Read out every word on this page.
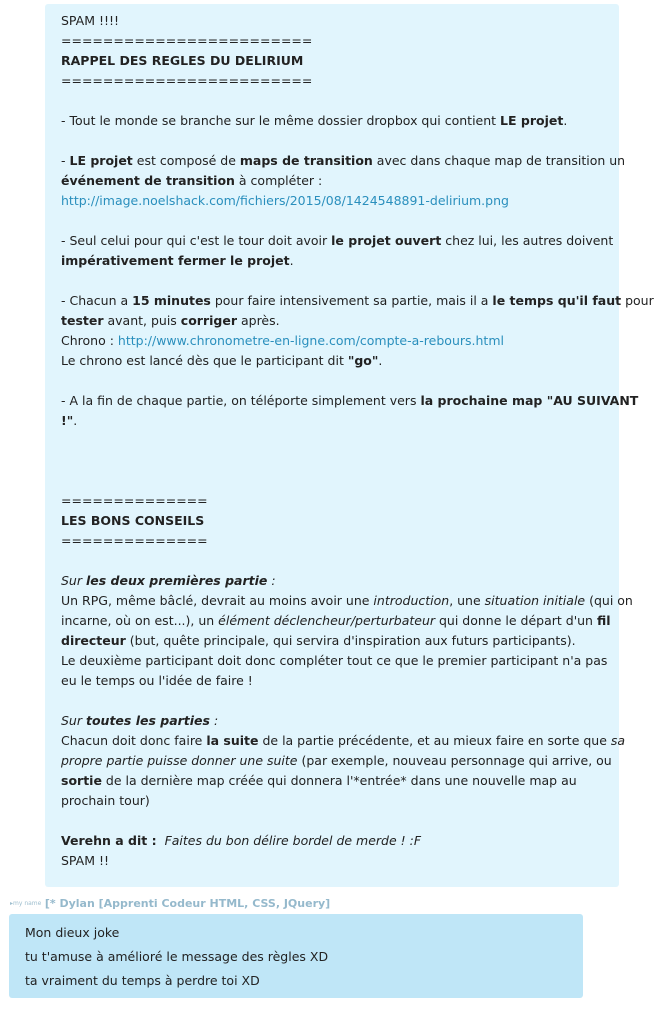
SPAM !!!!
========================
RAPPEL DES REGLES DU DELIRIUM
========================
- Tout le monde se branche sur le même dossier dropbox qui contient LE projet.
- LE projet est composé de maps de transition avec dans chaque map de transition un
événement de transition à compléter :
http://image.noelshack.com/fichiers/2015/08/1424548891-delirium.png
- Seul celui pour qui c'est le tour doit avoir le projet ouvert chez lui, les autres doivent
impérativement fermer le projet.
- Chacun a 15 minutes pour faire intensivement sa partie, mais il a le temps qu'il faut pour
tester avant, puis corriger après.
Chrono : http://www.chronometre-en-ligne.com/compte-a-rebours.html
Le chrono est lancé dès que le participant dit "go".
- A la fin de chaque partie, on téléporte simplement vers la prochaine map "AU SUIVANT
!".
==============
LES BONS CONSEILS
==============
Sur les deux premières partie :
Un RPG, même bâclé, devrait au moins avoir une introduction, une situation initiale (qui on
incarne, où on est...), un élément déclencheur/perturbateur qui donne le départ d'un fil
directeur (but, quête principale, qui servira d'inspiration aux futurs participants).
Le deuxième participant doit donc compléter tout ce que le premier participant n'a pas
eu le temps ou l'idée de faire !
Sur toutes les parties :
Chacun doit donc faire la suite de la partie précédente, et au mieux faire en sorte que sa
propre partie puisse donner une suite (par exemple, nouveau personnage qui arrive, ou
sortie de la dernière map créée qui donnera l'*entrée* dans une nouvelle map au
prochain tour)
Verehn a dit : Faites du bon délire bordel de merde ! :F
SPAM !!
▸my name [* Dylan [Apprenti Codeur HTML, CSS, JQuery]
Mon dieux joke
tu t'amuse à amélioré le message des règles XD
ta vraiment du temps à perdre toi XD
